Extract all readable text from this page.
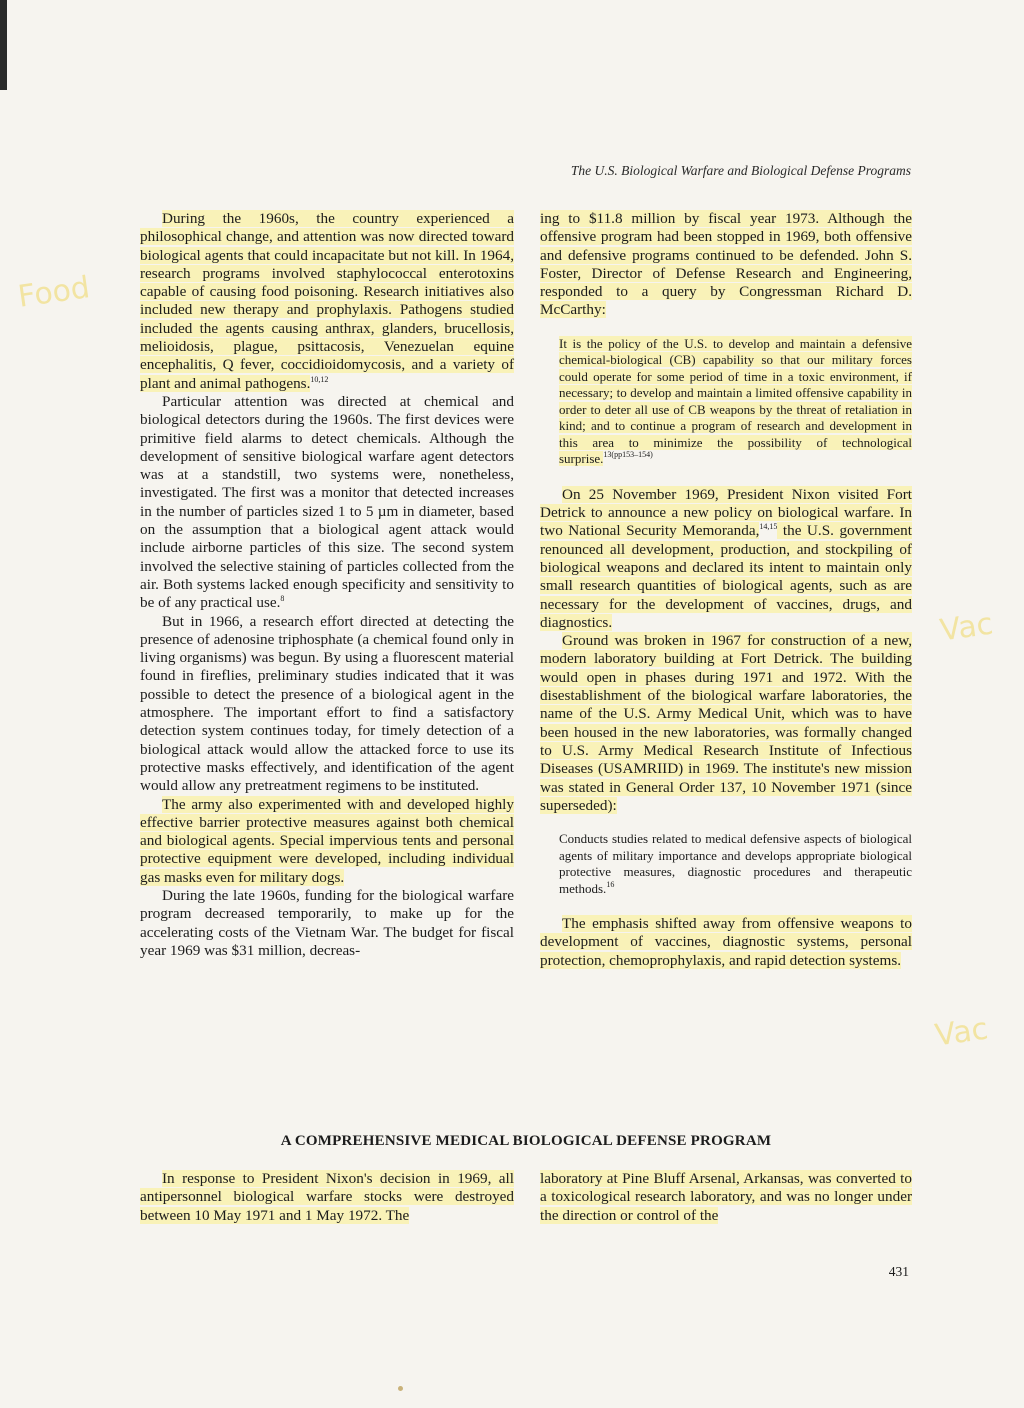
The U.S. Biological Warfare and Biological Defense Programs
Food
Vac
Vac

During the 1960s, the country experienced a philosophical change, and attention was now directed toward biological agents that could incapacitate but not kill. In 1964, research programs involved staphylococcal enterotoxins capable of causing food poisoning. Research initiatives also included new therapy and prophylaxis. Pathogens studied included the agents causing anthrax, glanders, brucellosis, melioidosis, plague, psittacosis, Venezuelan equine encephalitis, Q fever, coccidioidomycosis, and a variety of plant and animal pathogens.$^{10,12}$

Particular attention was directed at chemical and biological detectors during the 1960s. The first devices were primitive field alarms to detect chemicals. Although the development of sensitive biological warfare agent detectors was at a standstill, two systems were, nonetheless, investigated. The first was a monitor that detected increases in the number of particles sized 1 to 5 µm in diameter, based on the assumption that a biological agent attack would include airborne particles of this size. The second system involved the selective staining of particles collected from the air. Both systems lacked enough specificity and sensitivity to be of any practical use.$^8$

But in 1966, a research effort directed at detecting the presence of adenosine triphosphate (a chemical found only in living organisms) was begun. By using a fluorescent material found in fireflies, preliminary studies indicated that it was possible to detect the presence of a biological agent in the atmosphere. The important effort to find a satisfactory detection system continues today, for timely detection of a biological attack would allow the attacked force to use its protective masks effectively, and identification of the agent would allow any pretreatment regimens to be instituted.

The army also experimented with and developed highly effective barrier protective measures against both chemical and biological agents. Special impervious tents and personal protective equipment were developed, including individual gas masks even for military dogs.

During the late 1960s, funding for the biological warfare program decreased temporarily, to make up for the accelerating costs of the Vietnam War. The budget for fiscal year 1969 was $31 million, decreas-

ing to $11.8 million by fiscal year 1973. Although the offensive program had been stopped in 1969, both offensive and defensive programs continued to be defended. John S. Foster, Director of Defense Research and Engineering, responded to a query by Congressman Richard D. McCarthy:

It is the policy of the U.S. to develop and maintain a defensive chemical-biological (CB) capability so that our military forces could operate for some period of time in a toxic environment, if necessary; to develop and maintain a limited offensive capability in order to deter all use of CB weapons by the threat of retaliation in kind; and to continue a program of research and development in this area to minimize the possibility of technological surprise.$^{13(pp153-154)}$

On 25 November 1969, President Nixon visited Fort Detrick to announce a new policy on biological warfare. In two National Security Memoranda,$^{14,15}$ the U.S. government renounced all development, production, and stockpiling of biological weapons and declared its intent to maintain only small research quantities of biological agents, such as are necessary for the development of vaccines, drugs, and diagnostics.

Ground was broken in 1967 for construction of a new, modern laboratory building at Fort Detrick. The building would open in phases during 1971 and 1972. With the disestablishment of the biological warfare laboratories, the name of the U.S. Army Medical Unit, which was to have been housed in the new laboratories, was formally changed to U.S. Army Medical Research Institute of Infectious Diseases (USAMRIID) in 1969. The institute's new mission was stated in General Order 137, 10 November 1971 (since superseded):

Conducts studies related to medical defensive aspects of biological agents of military importance and develops appropriate biological protective measures, diagnostic procedures and therapeutic methods.$^{16}$

The emphasis shifted away from offensive weapons to development of vaccines, diagnostic systems, personal protection, chemoprophylaxis, and rapid detection systems.

A COMPREHENSIVE MEDICAL BIOLOGICAL DEFENSE PROGRAM

In response to President Nixon's decision in 1969, all antipersonnel biological warfare stocks were destroyed between 10 May 1971 and 1 May 1972. The

laboratory at Pine Bluff Arsenal, Arkansas, was converted to a toxicological research laboratory, and was no longer under the direction or control of the

431
